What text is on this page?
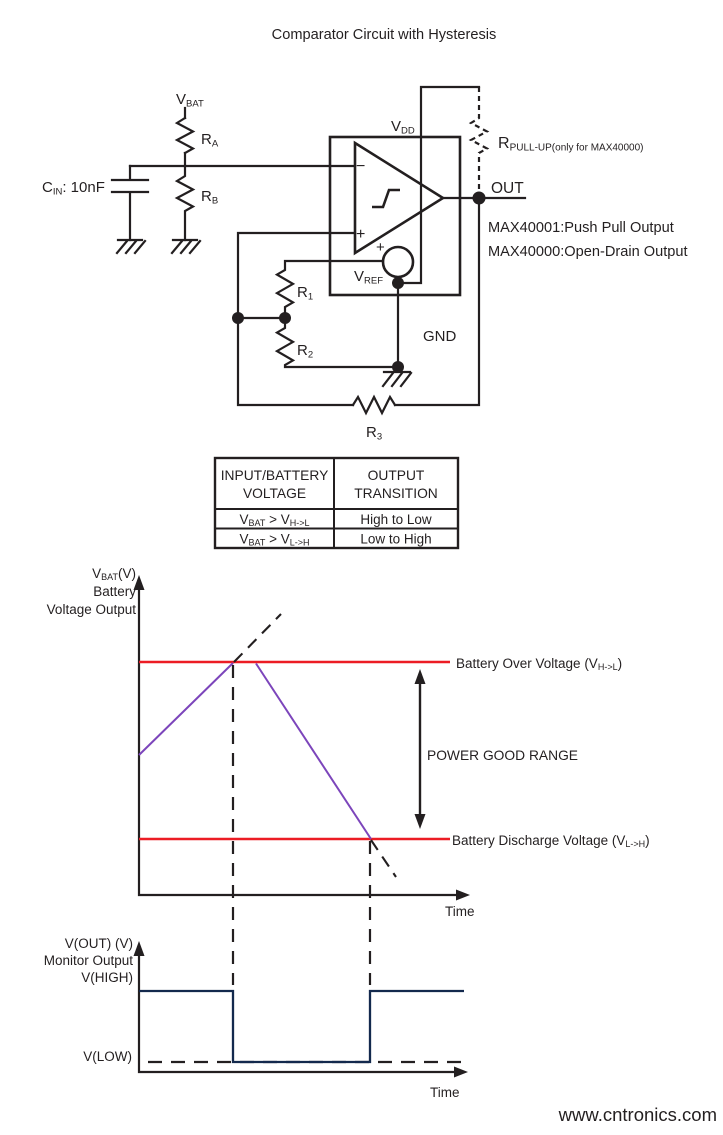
Comparator Circuit with Hysteresis
VBAT
RA
RB
CIN: 10nF
−
+
VDD
+
VREF
GND
R1
R2
R3
OUT
RPULL-UP(only for MAX40000)
MAX40001:Push Pull Output
MAX40000:Open-Drain Output
INPUT/BATTERY
VOLTAGE
OUTPUT
TRANSITION
VBAT > VH->L	High to Low
VBAT > VL->H	Low to High
VBAT(V)
Battery
Voltage Output
Battery Over Voltage (VH->L)
POWER GOOD RANGE
Battery Discharge Voltage (VL->H)
Time
V(OUT) (V)
Monitor Output
V(HIGH)
V(LOW)
Time
www.cntronics.com
